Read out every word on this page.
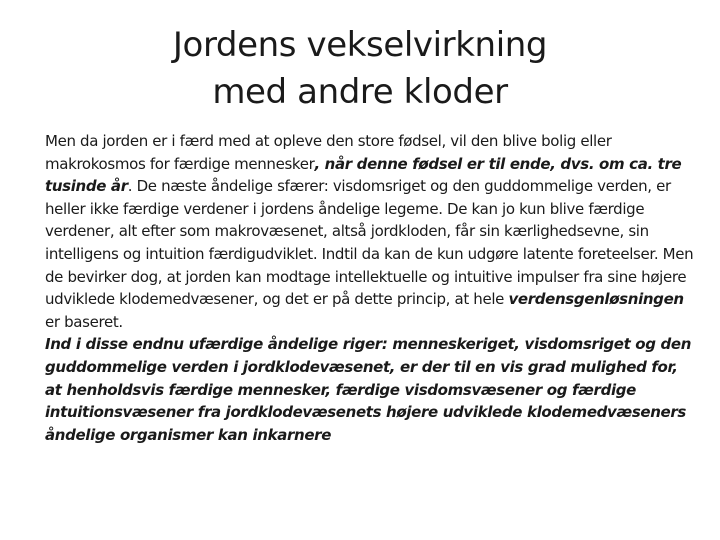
Jordens vekselvirkning
med andre kloder

Men da jorden er i færd med at opleve den store fødsel, vil den blive bolig eller makrokosmos for færdige mennesker, når denne fødsel er til ende, dvs. om ca. tre tusinde år. De næste åndelige sfærer: visdomsriget og den guddommelige verden, er heller ikke færdige verdener i jordens åndelige legeme. De kan jo kun blive færdige verdener, alt efter som makrovæsenet, altså jordkloden, får sin kærlighedsevne, sin intelligens og intuition færdigudviklet. Indtil da kan de kun udgøre latente foreteelser. Men de bevirker dog, at jorden kan modtage intellektuelle og intuitive impulser fra sine højere udviklede klodemedvæsener, og det er på dette princip, at hele verdensgenløsningen er baseret.

Ind i disse endnu ufærdige åndelige riger: menneskeriget, visdomsriget og den guddommelige verden i jordklodevæsenet, er der til en vis grad mulighed for, at henholdsvis færdige mennesker, færdige visdomsvæsener og færdige intuitionsvæsener fra jordklodevæsenets højere udviklede klodemedvæseners åndelige organismer kan inkarnere
